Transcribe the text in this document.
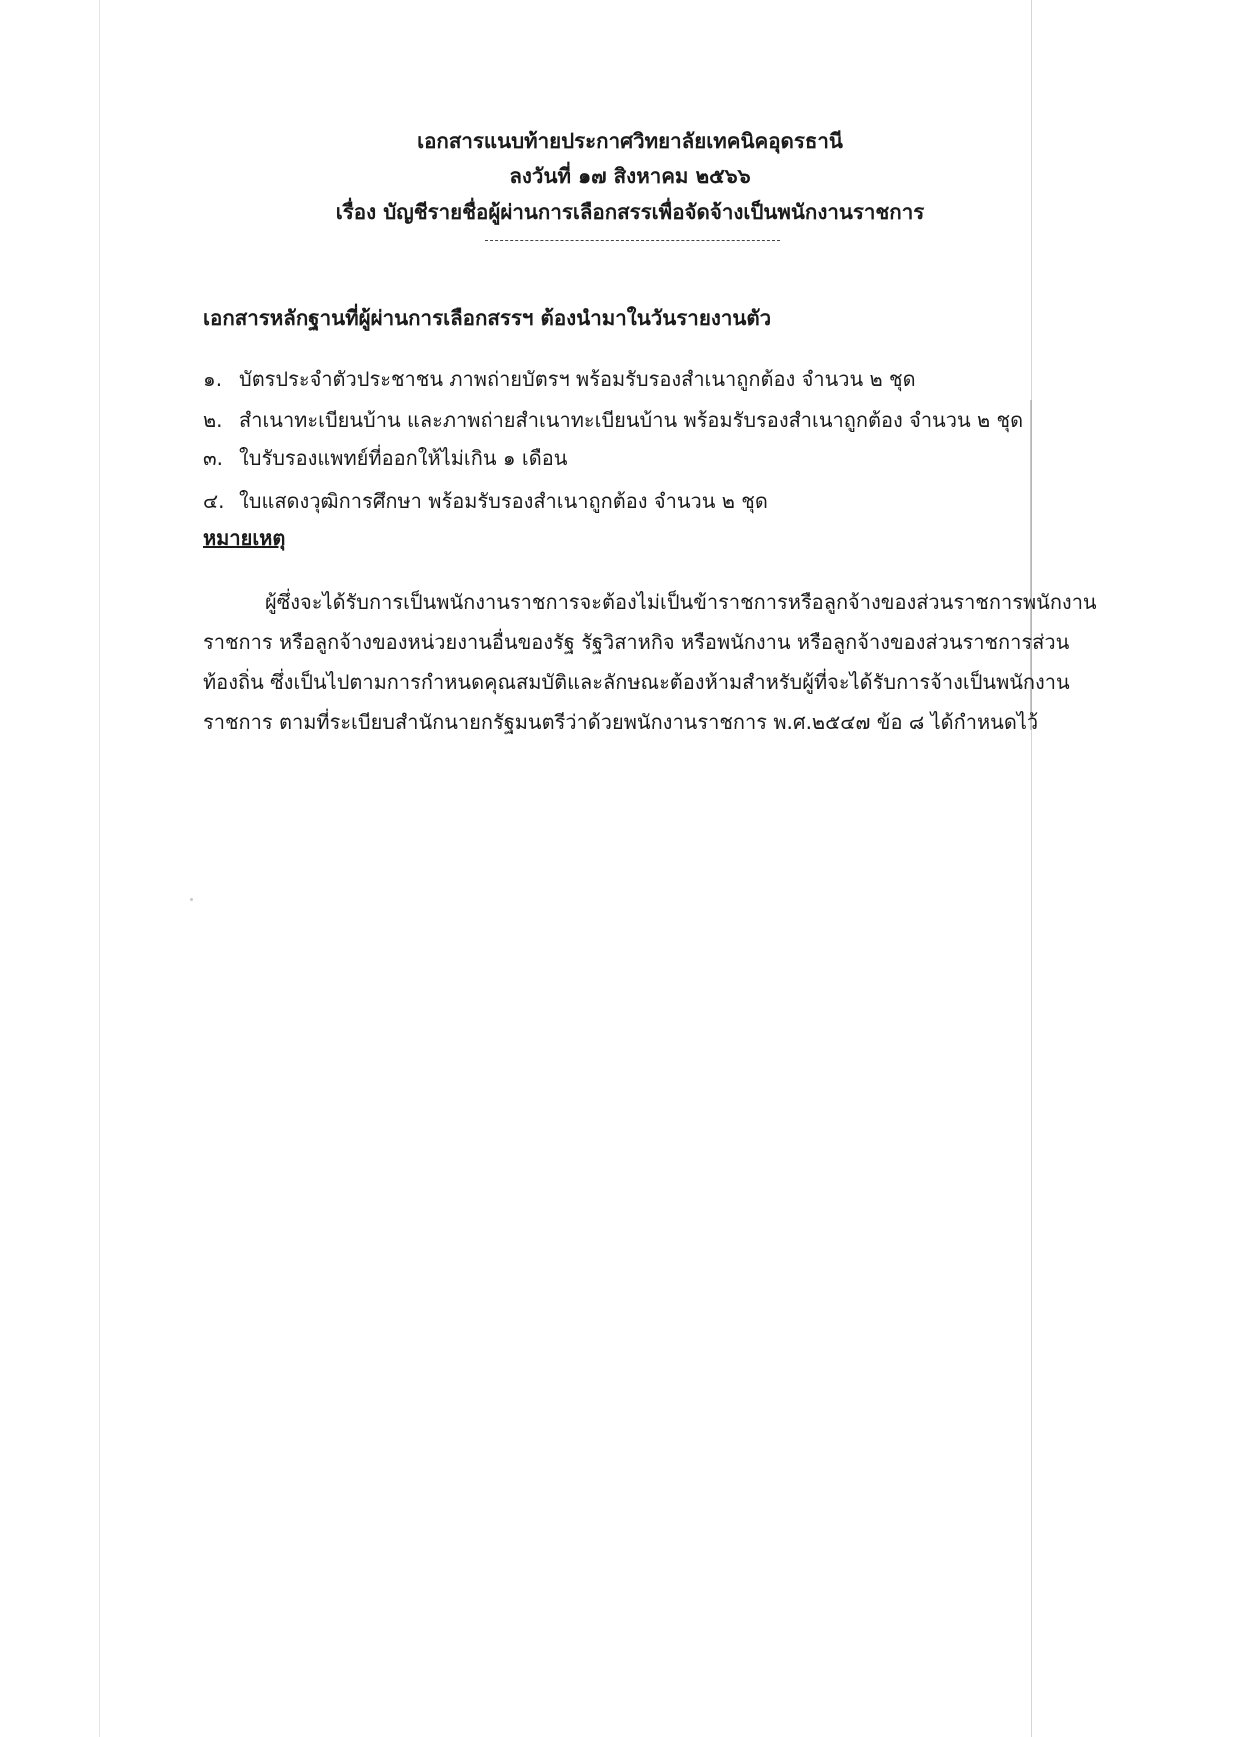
เอกสารแนบท้ายประกาศวิทยาลัยเทคนิคอุดรธานี
ลงวันที่ ๑๗ สิงหาคม ๒๕๖๖
เรื่อง บัญชีรายชื่อผู้ผ่านการเลือกสรรเพื่อจัดจ้างเป็นพนักงานราชการ
เอกสารหลักฐานที่ผู้ผ่านการเลือกสรรฯ ต้องนำมาในวันรายงานตัว
๑. บัตรประจำตัวประชาชน ภาพถ่ายบัตรฯ พร้อมรับรองสำเนาถูกต้อง จำนวน ๒ ชุด
๒. สำเนาทะเบียนบ้าน และภาพถ่ายสำเนาทะเบียนบ้าน พร้อมรับรองสำเนาถูกต้อง จำนวน ๒ ชุด
๓. ใบรับรองแพทย์ที่ออกให้ไม่เกิน ๑ เดือน
๔. ใบแสดงวุฒิการศึกษา พร้อมรับรองสำเนาถูกต้อง จำนวน ๒ ชุด
หมายเหตุ
ผู้ซึ่งจะได้รับการเป็นพนักงานราชการจะต้องไม่เป็นข้าราชการหรือลูกจ้างของส่วนราชการพนักงาน
ราชการ หรือลูกจ้างของหน่วยงานอื่นของรัฐ รัฐวิสาหกิจ หรือพนักงาน หรือลูกจ้างของส่วนราชการส่วน
ท้องถิ่น ซึ่งเป็นไปตามการกำหนดคุณสมบัติและลักษณะต้องห้ามสำหรับผู้ที่จะได้รับการจ้างเป็นพนักงาน
ราชการ ตามที่ระเบียบสำนักนายกรัฐมนตรีว่าด้วยพนักงานราชการ พ.ศ.๒๕๔๗ ข้อ ๘ ได้กำหนดไว้
